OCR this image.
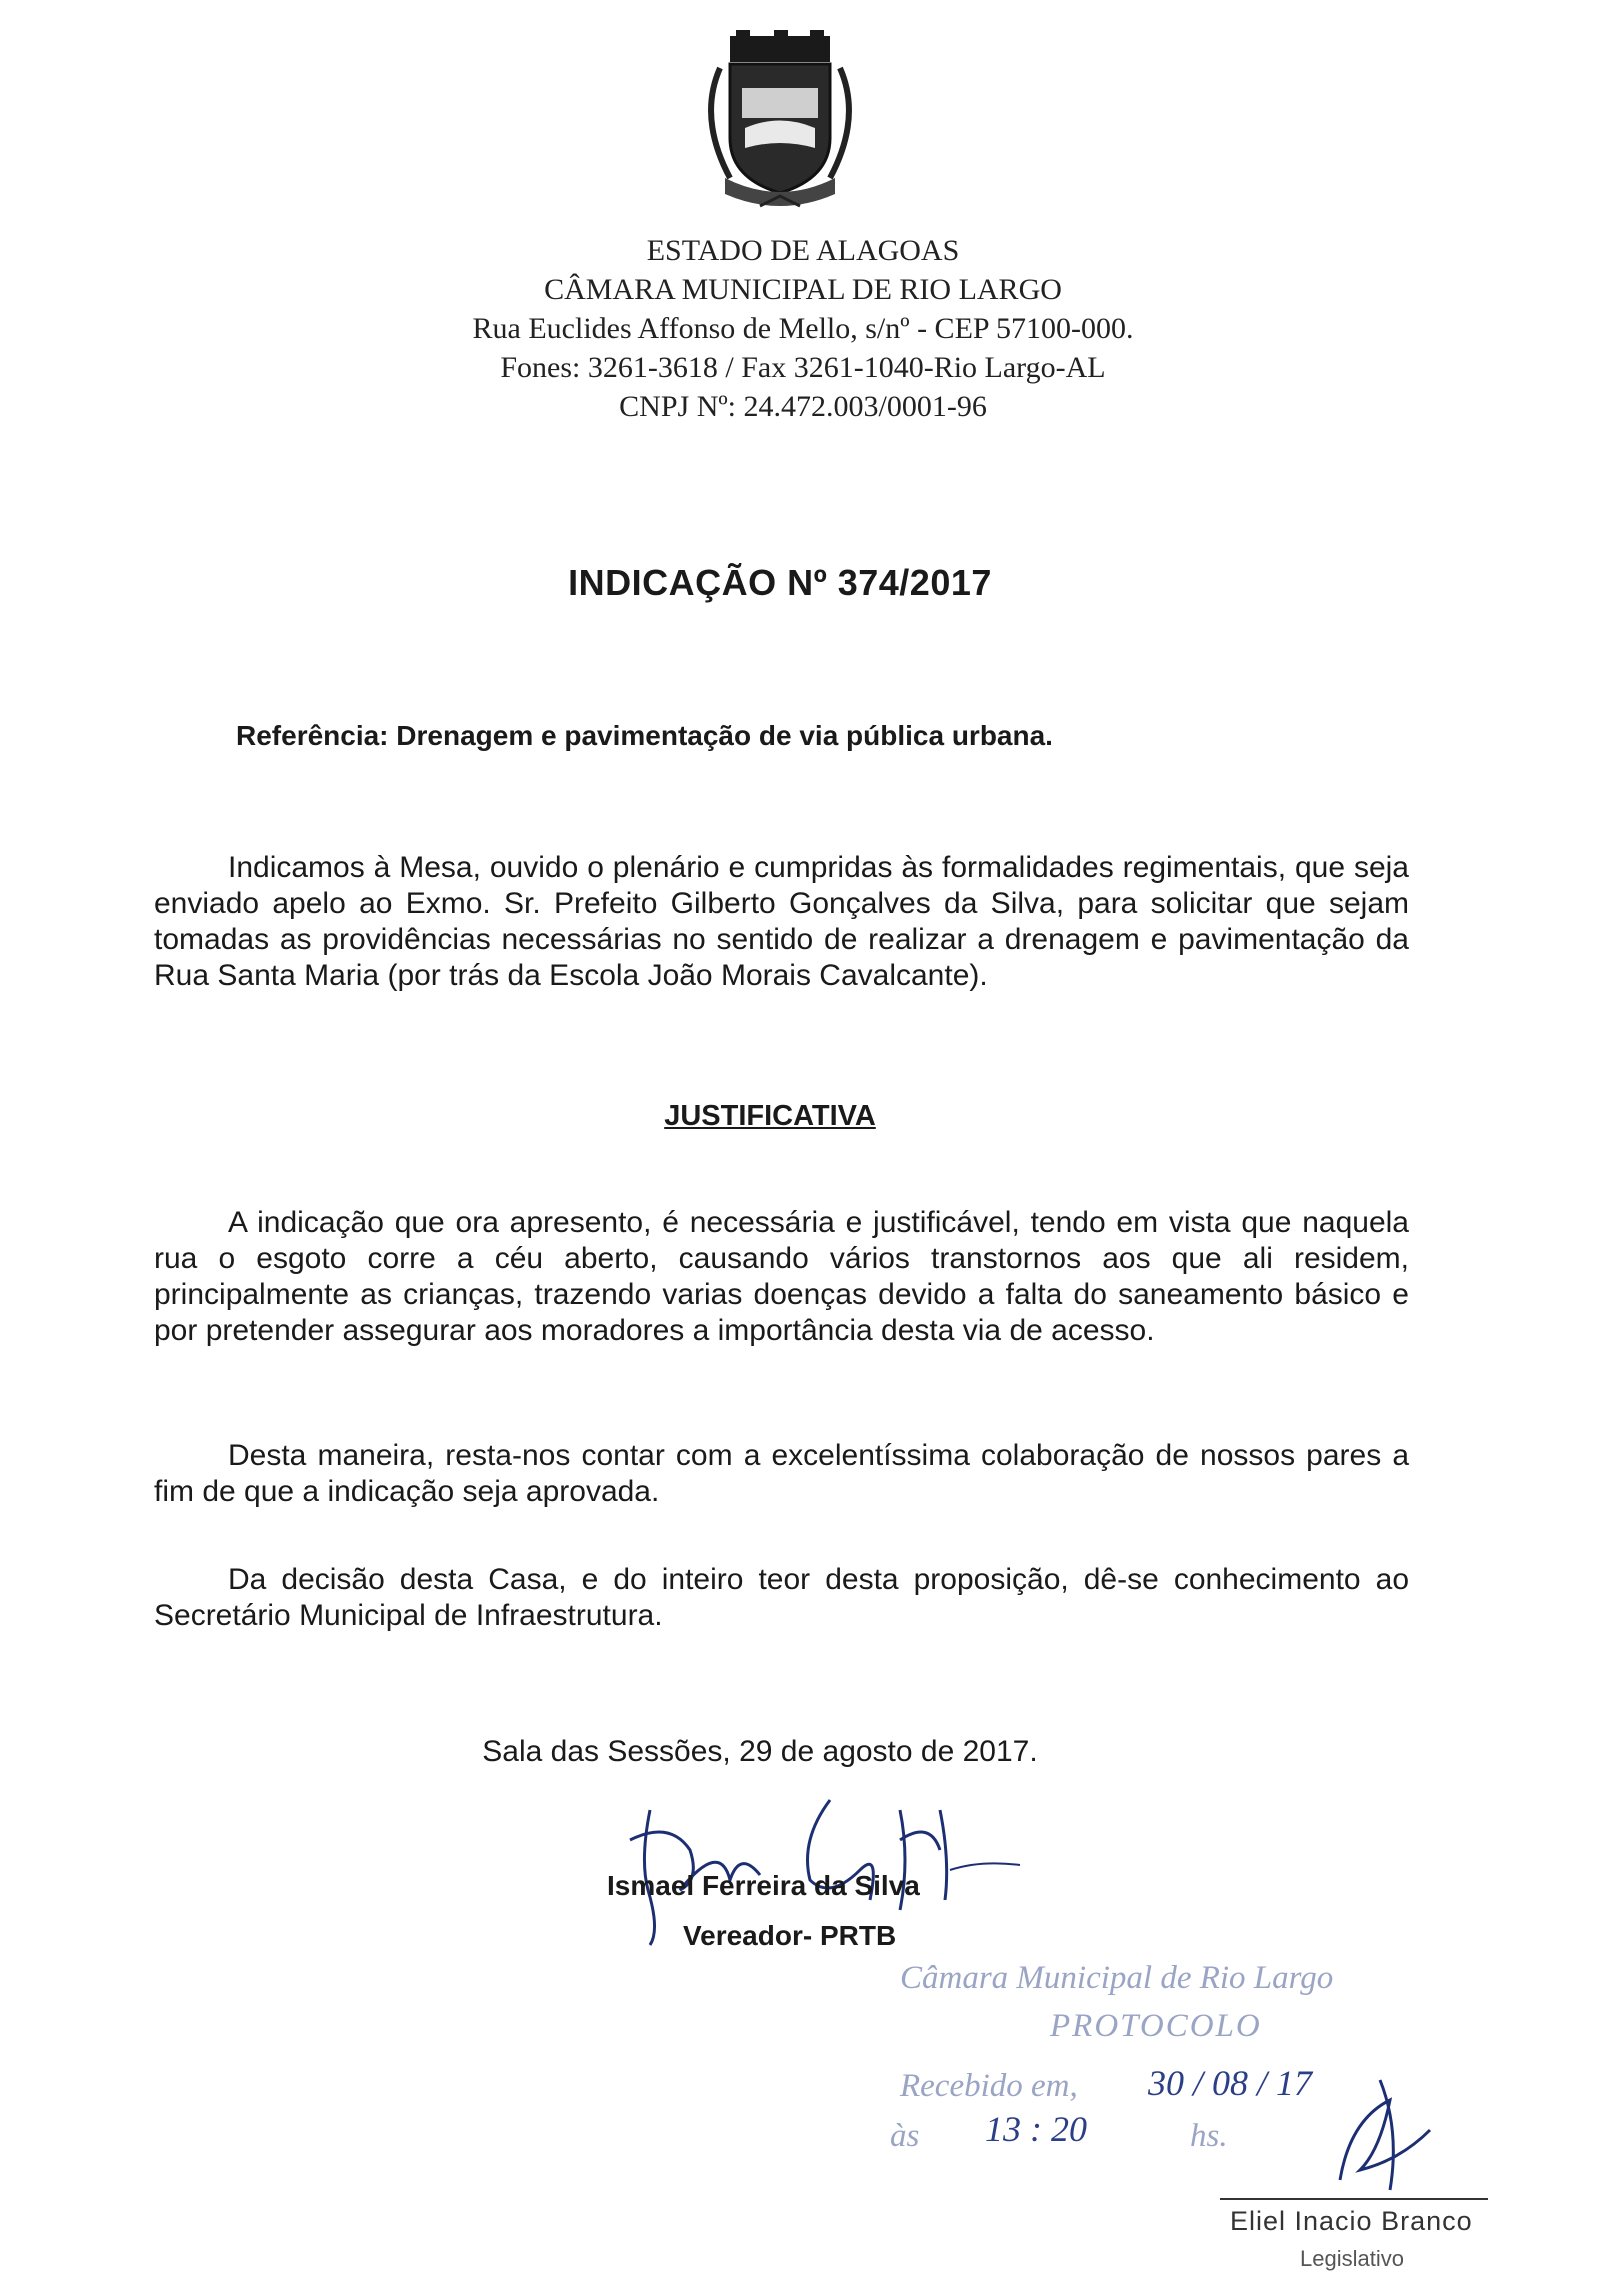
ESTADO DE ALAGOAS
CÂMARA MUNICIPAL DE RIO LARGO
Rua Euclides Affonso de Mello, s/nº - CEP 57100-000.
Fones: 3261-3618 / Fax 3261-1040-Rio Largo-AL
CNPJ Nº: 24.472.003/0001-96
INDICAÇÃO Nº 374/2017
Referência: Drenagem e pavimentação de via pública urbana.
Indicamos à Mesa, ouvido o plenário e cumpridas às formalidades regimentais, que seja enviado apelo ao Exmo. Sr. Prefeito Gilberto Gonçalves da Silva, para solicitar que sejam tomadas as providências necessárias no sentido de realizar a drenagem e pavimentação da Rua Santa Maria (por trás da Escola João Morais Cavalcante).
JUSTIFICATIVA
A indicação que ora apresento, é necessária e justificável, tendo em vista que naquela rua o esgoto corre a céu aberto, causando vários transtornos aos que ali residem, principalmente as crianças, trazendo varias doenças devido a falta do saneamento básico e por pretender assegurar aos moradores a importância desta via de acesso.
Desta maneira, resta-nos contar com a excelentíssima colaboração de nossos pares a fim de que a indicação seja aprovada.
Da decisão desta Casa, e do inteiro teor desta proposição, dê-se conhecimento ao Secretário Municipal de Infraestrutura.
Sala das Sessões, 29 de agosto de 2017.
Ismael Ferreira da Silva
Vereador- PRTB
Câmara Municipal de Rio Largo
PROTOCOLO
Recebido em, 30 / 08 / 17
às 13 : 20	hs.
Eliel Inacio Branco
Legislativo
